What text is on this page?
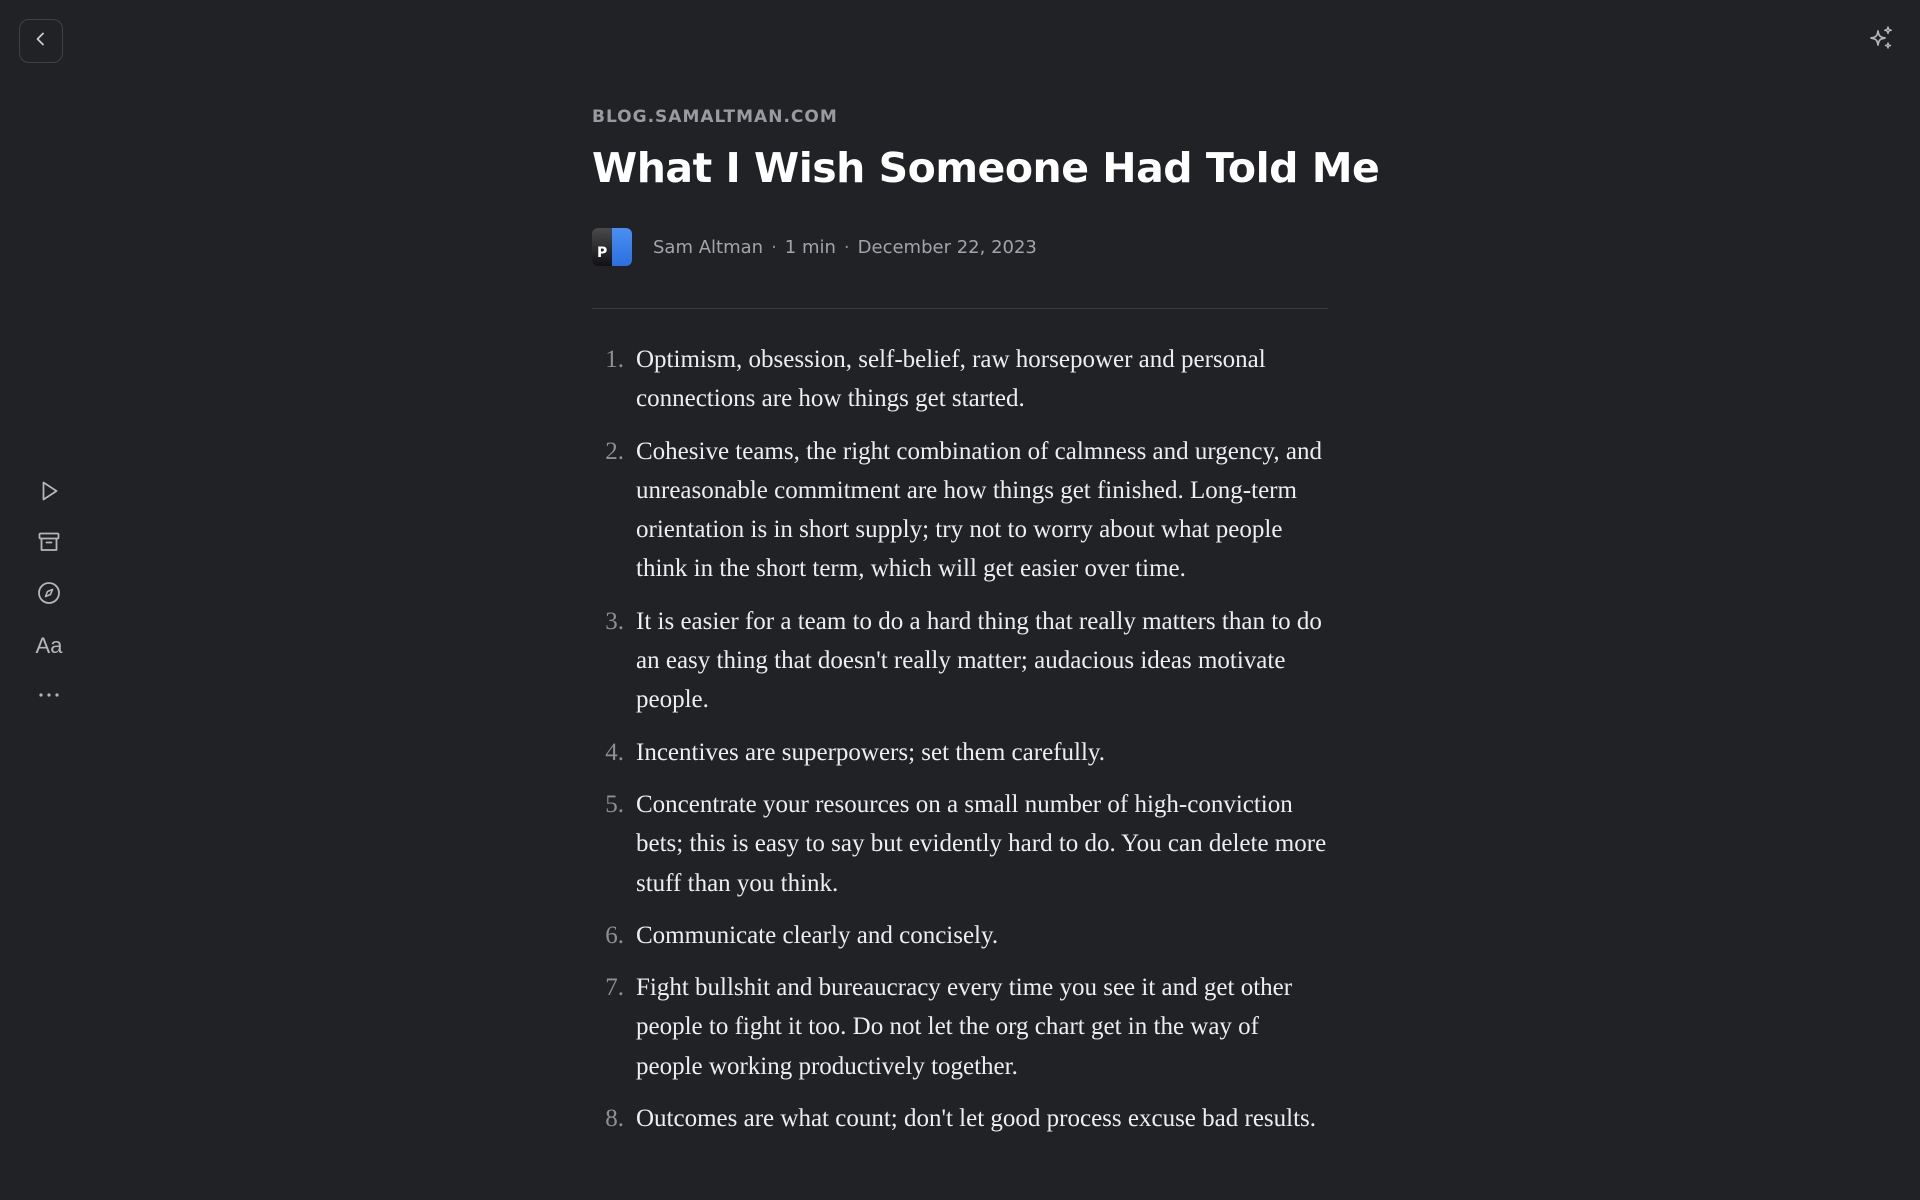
Aa
BLOG.SAMALTMAN.COM
What I Wish Someone Had Told Me
P	Sam Altman · 1 min · December 22, 2023
1. Optimism, obsession, self-belief, raw horsepower and personal connections are how things get started.
2. Cohesive teams, the right combination of calmness and urgency, and unreasonable commitment are how things get finished. Long-term orientation is in short supply; try not to worry about what people think in the short term, which will get easier over time.
3. It is easier for a team to do a hard thing that really matters than to do an easy thing that doesn't really matter; audacious ideas motivate people.
4. Incentives are superpowers; set them carefully.
5. Concentrate your resources on a small number of high-conviction bets; this is easy to say but evidently hard to do. You can delete more stuff than you think.
6. Communicate clearly and concisely.
7. Fight bullshit and bureaucracy every time you see it and get other people to fight it too. Do not let the org chart get in the way of people working productively together.
8. Outcomes are what count; don't let good process excuse bad results.
